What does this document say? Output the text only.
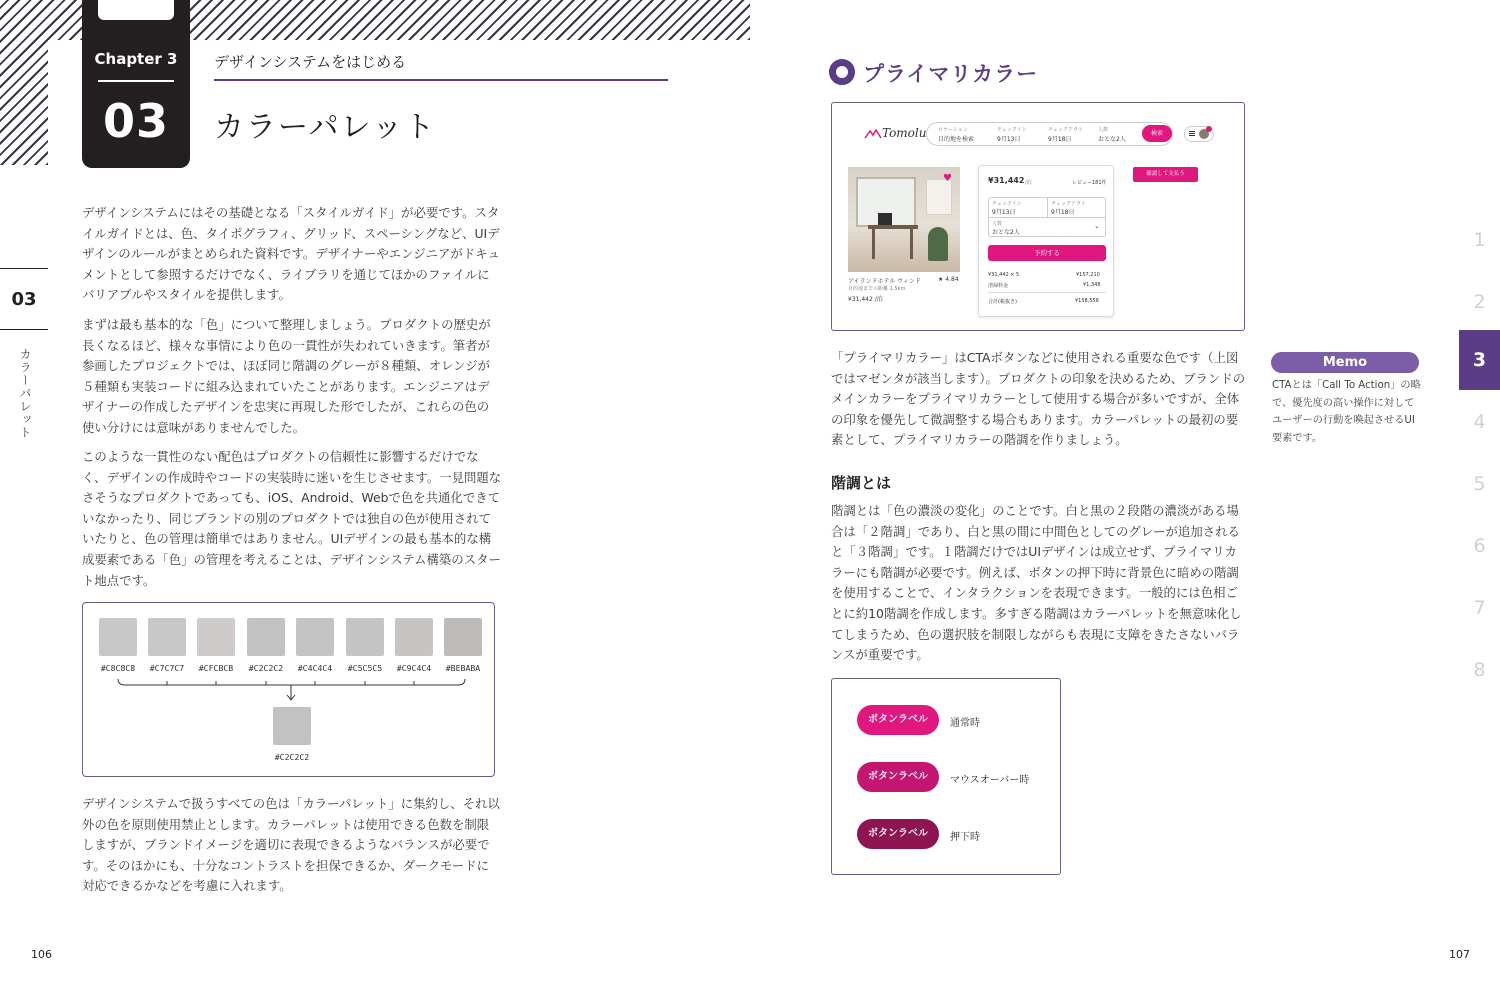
Chapter 3
03
デザインシステムをはじめる
カラーパレット
03
カラーパレット

デザインシステムにはその基礎となる「スタイルガイド」が必要です。スタイルガイドとは、色、タイポグラフィ、グリッド、スペーシングなど、UIデザインのルールがまとめられた資料です。デザイナーやエンジニアがドキュメントとして参照するだけでなく、ライブラリを通じてほかのファイルにバリアブルやスタイルを提供します。

まずは最も基本的な「色」について整理しましょう。プロダクトの歴史が長くなるほど、様々な事情により色の一貫性が失われていきます。筆者が参画したプロジェクトでは、ほぼ同じ階調のグレーが８種類、オレンジが５種類も実装コードに組み込まれていたことがあります。エンジニアはデザイナーの作成したデザインを忠実に再現した形でしたが、これらの色の使い分けには意味がありませんでした。

このような一貫性のない配色はプロダクトの信頼性に影響するだけでなく、デザインの作成時やコードの実装時に迷いを生じさせます。一見問題なさそうなプロダクトであっても、iOS、Android、Webで色を共通化できていなかったり、同じブランドの別のプロダクトでは独自の色が使用されていたりと、色の管理は簡単ではありません。UIデザインの最も基本的な構成要素である「色」の管理を考えることは、デザインシステム構築のスタート地点です。

#C8C8C8	#C7C7C7	#CFCBCB	#C2C2C2	#C4C4C4	#C5C5C5	#C9C4C4	#BEBABA
#C2C2C2

デザインシステムで扱うすべての色は「カラーパレット」に集約し、それ以外の色を原則使用禁止とします。カラーパレットは使用できる色数を制限しますが、ブランドイメージを適切に表現できるようなバランスが必要です。そのほかにも、十分なコントラストを担保できるか、ダークモードに対応できるかなどを考慮に入れます。

106
プライマリカラー
Tomolu ロケーション
目的地を検索
チェックイン
9月13日
チェックアウト
9月18日
人数
おとな2人
検索
♥
アイランドホテル ウィンド
目的地までの距離 1.5km
¥31,442 /泊
★ 4.84
¥31,442 /泊	レビュー181件
チェックイン
9月13日
チェックアウト
9月18日
人数
おとな2人
⌄
予約する
¥31,442 × 5	¥157,210
清掃料金	¥1,348
合計(税抜き)	¥158,558
確認して支払う

「プライマリカラー」はCTAボタンなどに使用される重要な色です（上図ではマゼンタが該当します）。プロダクトの印象を決めるため、ブランドのメインカラーをプライマリカラーとして使用する場合が多いですが、全体の印象を優先して微調整する場合もあります。カラーパレットの最初の要素として、プライマリカラーの階調を作りましょう。

階調とは

階調とは「色の濃淡の変化」のことです。白と黒の２段階の濃淡がある場合は「２階調」であり、白と黒の間に中間色としてのグレーが追加されると「３階調」です。１階調だけではUIデザインは成立せず、プライマリカラーにも階調が必要です。例えば、ボタンの押下時に背景色に暗めの階調を使用することで、インタラクションを表現できます。一般的には色相ごとに約10階調を作成します。多すぎる階調はカラーパレットを無意味化してしまうため、色の選択肢を制限しながらも表現に支障をきたさないバランスが重要です。

Memo
CTAとは「Call To Action」の略で、優先度の高い操作に対してユーザーの行動を喚起させるUI要素です。
ボタンラベル	通常時
ボタンラベル	マウスオーバー時
ボタンラベル	押下時
1
2
3
4
5
6
7
8
107
